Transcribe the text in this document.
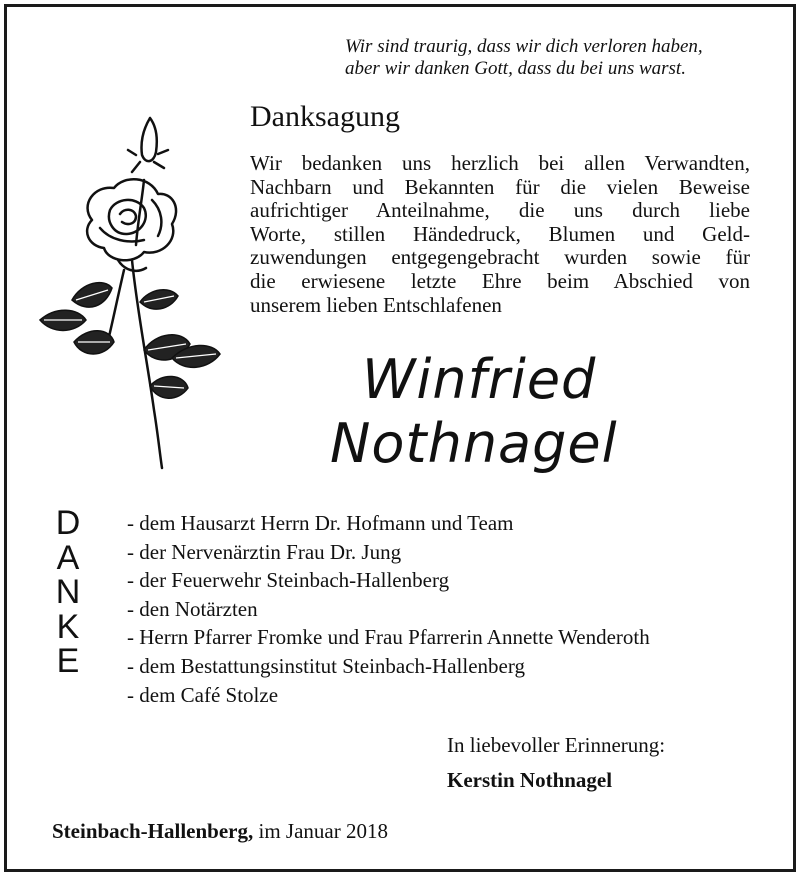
Wir sind traurig, dass wir dich verloren haben,
aber wir danken Gott, dass du bei uns warst.
Danksagung
Wir bedanken uns herzlich bei allen Verwandten,
Nachbarn und Bekannten für die vielen Beweise
aufrichtiger Anteilnahme, die uns durch liebe
Worte, stillen Händedruck, Blumen und Geld-
zuwendungen entgegengebracht wurden sowie für
die erwiesene letzte Ehre beim Abschied von
unserem lieben Entschlafenen
Winfried
Nothnagel
D
A
N
K
E
- dem Hausarzt Herrn Dr. Hofmann und Team
- der Nervenärztin Frau Dr. Jung
- der Feuerwehr Steinbach-Hallenberg
- den Notärzten
- Herrn Pfarrer Fromke und Frau Pfarrerin Annette Wenderoth
- dem Bestattungsinstitut Steinbach-Hallenberg
- dem Café Stolze
In liebevoller Erinnerung:
Kerstin Nothnagel
Steinbach-Hallenberg, im Januar 2018
